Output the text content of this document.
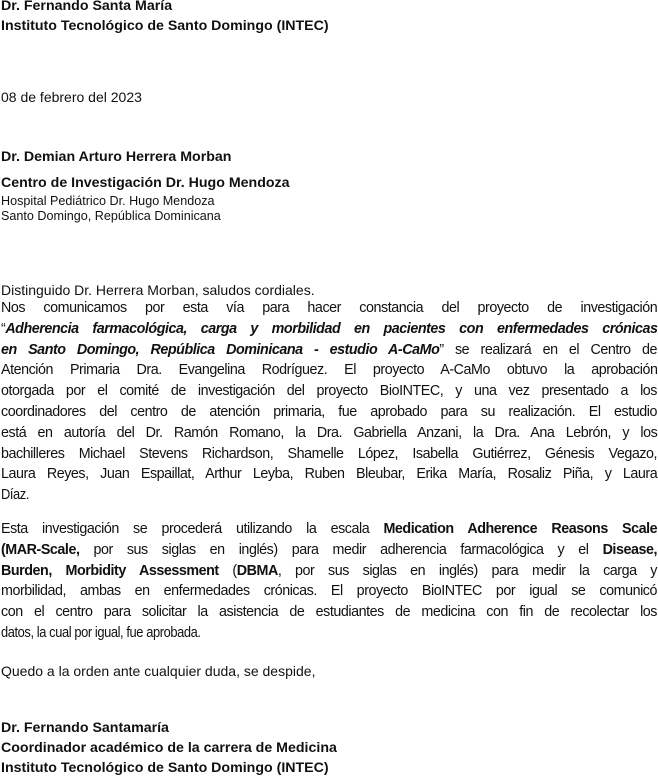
Dr. Fernando Santa María
Instituto Tecnológico de Santo Domingo (INTEC)
08 de febrero del 2023
Dr. Demian Arturo Herrera Morban
Centro de Investigación Dr. Hugo Mendoza
Hospital Pediátrico Dr. Hugo Mendoza
Santo Domingo, República Dominicana
Distinguido Dr. Herrera Morban, saludos cordiales.
Nos comunicamos por esta vía para hacer constancia del proyecto de investigación
“Adherencia farmacológica, carga y morbilidad en pacientes con enfermedades crónicas
en Santo Domingo, República Dominicana - estudio A-CaMo” se realizará en el Centro de
Atención Primaria Dra. Evangelina Rodríguez. El proyecto A-CaMo obtuvo la aprobación
otorgada por el comité de investigación del proyecto BioINTEC, y una vez presentado a los
coordinadores del centro de atención primaria, fue aprobado para su realización. El estudio
está en autoría del Dr. Ramón Romano, la Dra. Gabriella Anzani, la Dra. Ana Lebrón, y los
bachilleres Michael Stevens Richardson, Shamelle López, Isabella Gutiérrez, Génesis Vegazo,
Laura Reyes, Juan Espaillat, Arthur Leyba, Ruben Bleubar, Erika María, Rosaliz Piña, y Laura
Díaz.
Esta investigación se procederá utilizando la escala Medication Adherence Reasons Scale
(MAR-Scale, por sus siglas en inglés) para medir adherencia farmacológica y el Disease,
Burden, Morbidity Assessment (DBMA, por sus siglas en inglés) para medir la carga y
morbilidad, ambas en enfermedades crónicas. El proyecto BioINTEC por igual se comunicó
con el centro para solicitar la asistencia de estudiantes de medicina con fin de recolectar los
datos, la cual por igual, fue aprobada.
Quedo a la orden ante cualquier duda, se despide,
Dr. Fernando Santamaría
Coordinador académico de la carrera de Medicina
Instituto Tecnológico de Santo Domingo (INTEC)
